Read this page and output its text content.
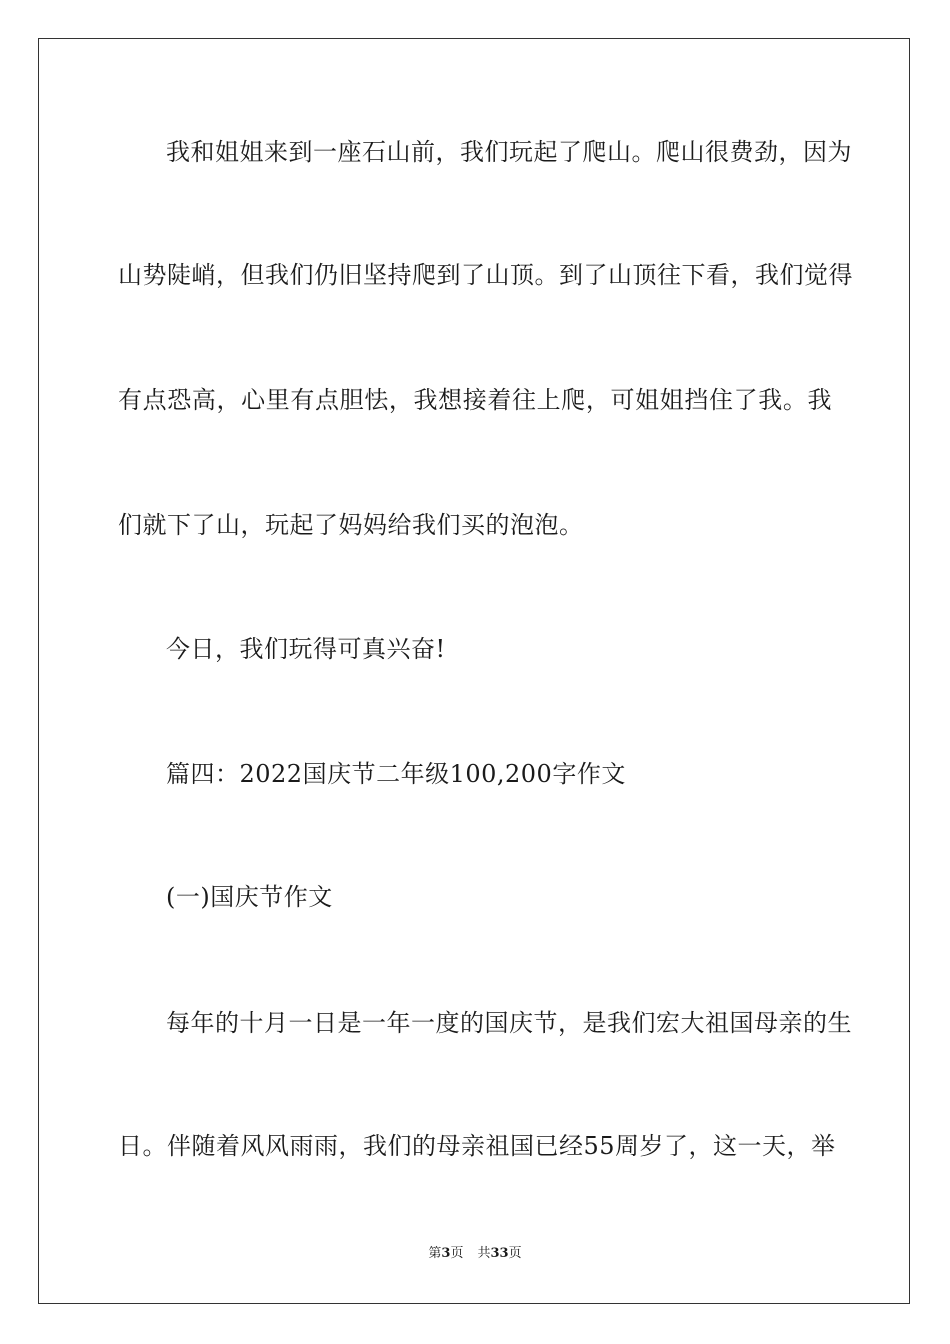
我和姐姐来到一座石山前，我们玩起了爬山。爬山很费劲，因为
山势陡峭，但我们仍旧坚持爬到了山顶。到了山顶往下看，我们觉得
有点恐高，心里有点胆怯，我想接着往上爬，可姐姐挡住了我。我
们就下了山，玩起了妈妈给我们买的泡泡。
今日，我们玩得可真兴奋!
篇四：2022国庆节二年级100,200字作文
(一)国庆节作文
每年的十月一日是一年一度的国庆节，是我们宏大祖国母亲的生
日。伴随着风风雨雨，我们的母亲祖国已经55周岁了，这一天，举
第3页 共33页
